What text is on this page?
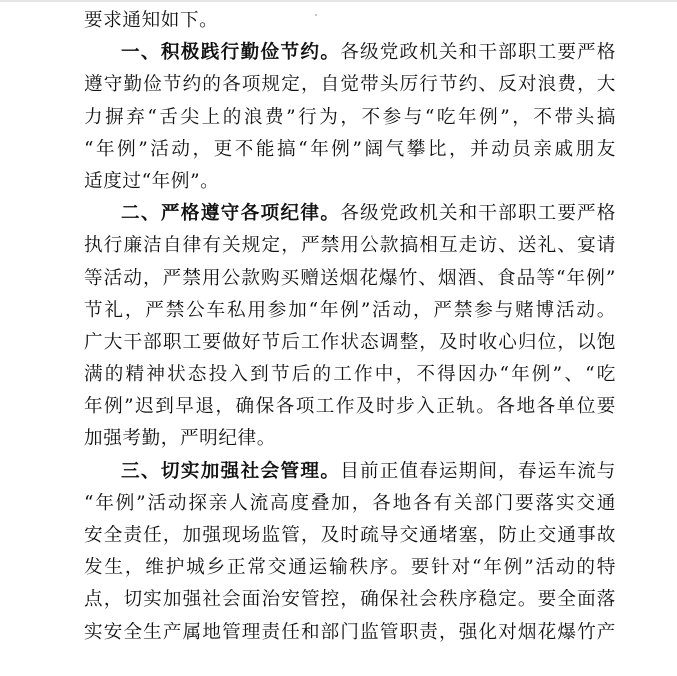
要求通知如下。
一、积极践行勤俭节约。各级党政机关和干部职工要严格
遵守勤俭节约的各项规定，自觉带头厉行节约、反对浪费，大
力摒弃“舌尖上的浪费”行为，不参与“吃年例”，不带头搞
“年例”活动，更不能搞“年例”阔气攀比，并动员亲戚朋友
适度过“年例”。
二、严格遵守各项纪律。各级党政机关和干部职工要严格
执行廉洁自律有关规定，严禁用公款搞相互走访、送礼、宴请
等活动，严禁用公款购买赠送烟花爆竹、烟酒、食品等“年例”
节礼，严禁公车私用参加“年例”活动，严禁参与赌博活动。
广大干部职工要做好节后工作状态调整，及时收心归位，以饱
满的精神状态投入到节后的工作中，不得因办“年例”、“吃
年例”迟到早退，确保各项工作及时步入正轨。各地各单位要
加强考勤，严明纪律。
三、切实加强社会管理。目前正值春运期间，春运车流与
“年例”活动探亲人流高度叠加，各地各有关部门要落实交通
安全责任，加强现场监管，及时疏导交通堵塞，防止交通事故
发生，维护城乡正常交通运输秩序。要针对“年例”活动的特
点，切实加强社会面治安管控，确保社会秩序稳定。要全面落
实安全生产属地管理责任和部门监管职责，强化对烟花爆竹产
